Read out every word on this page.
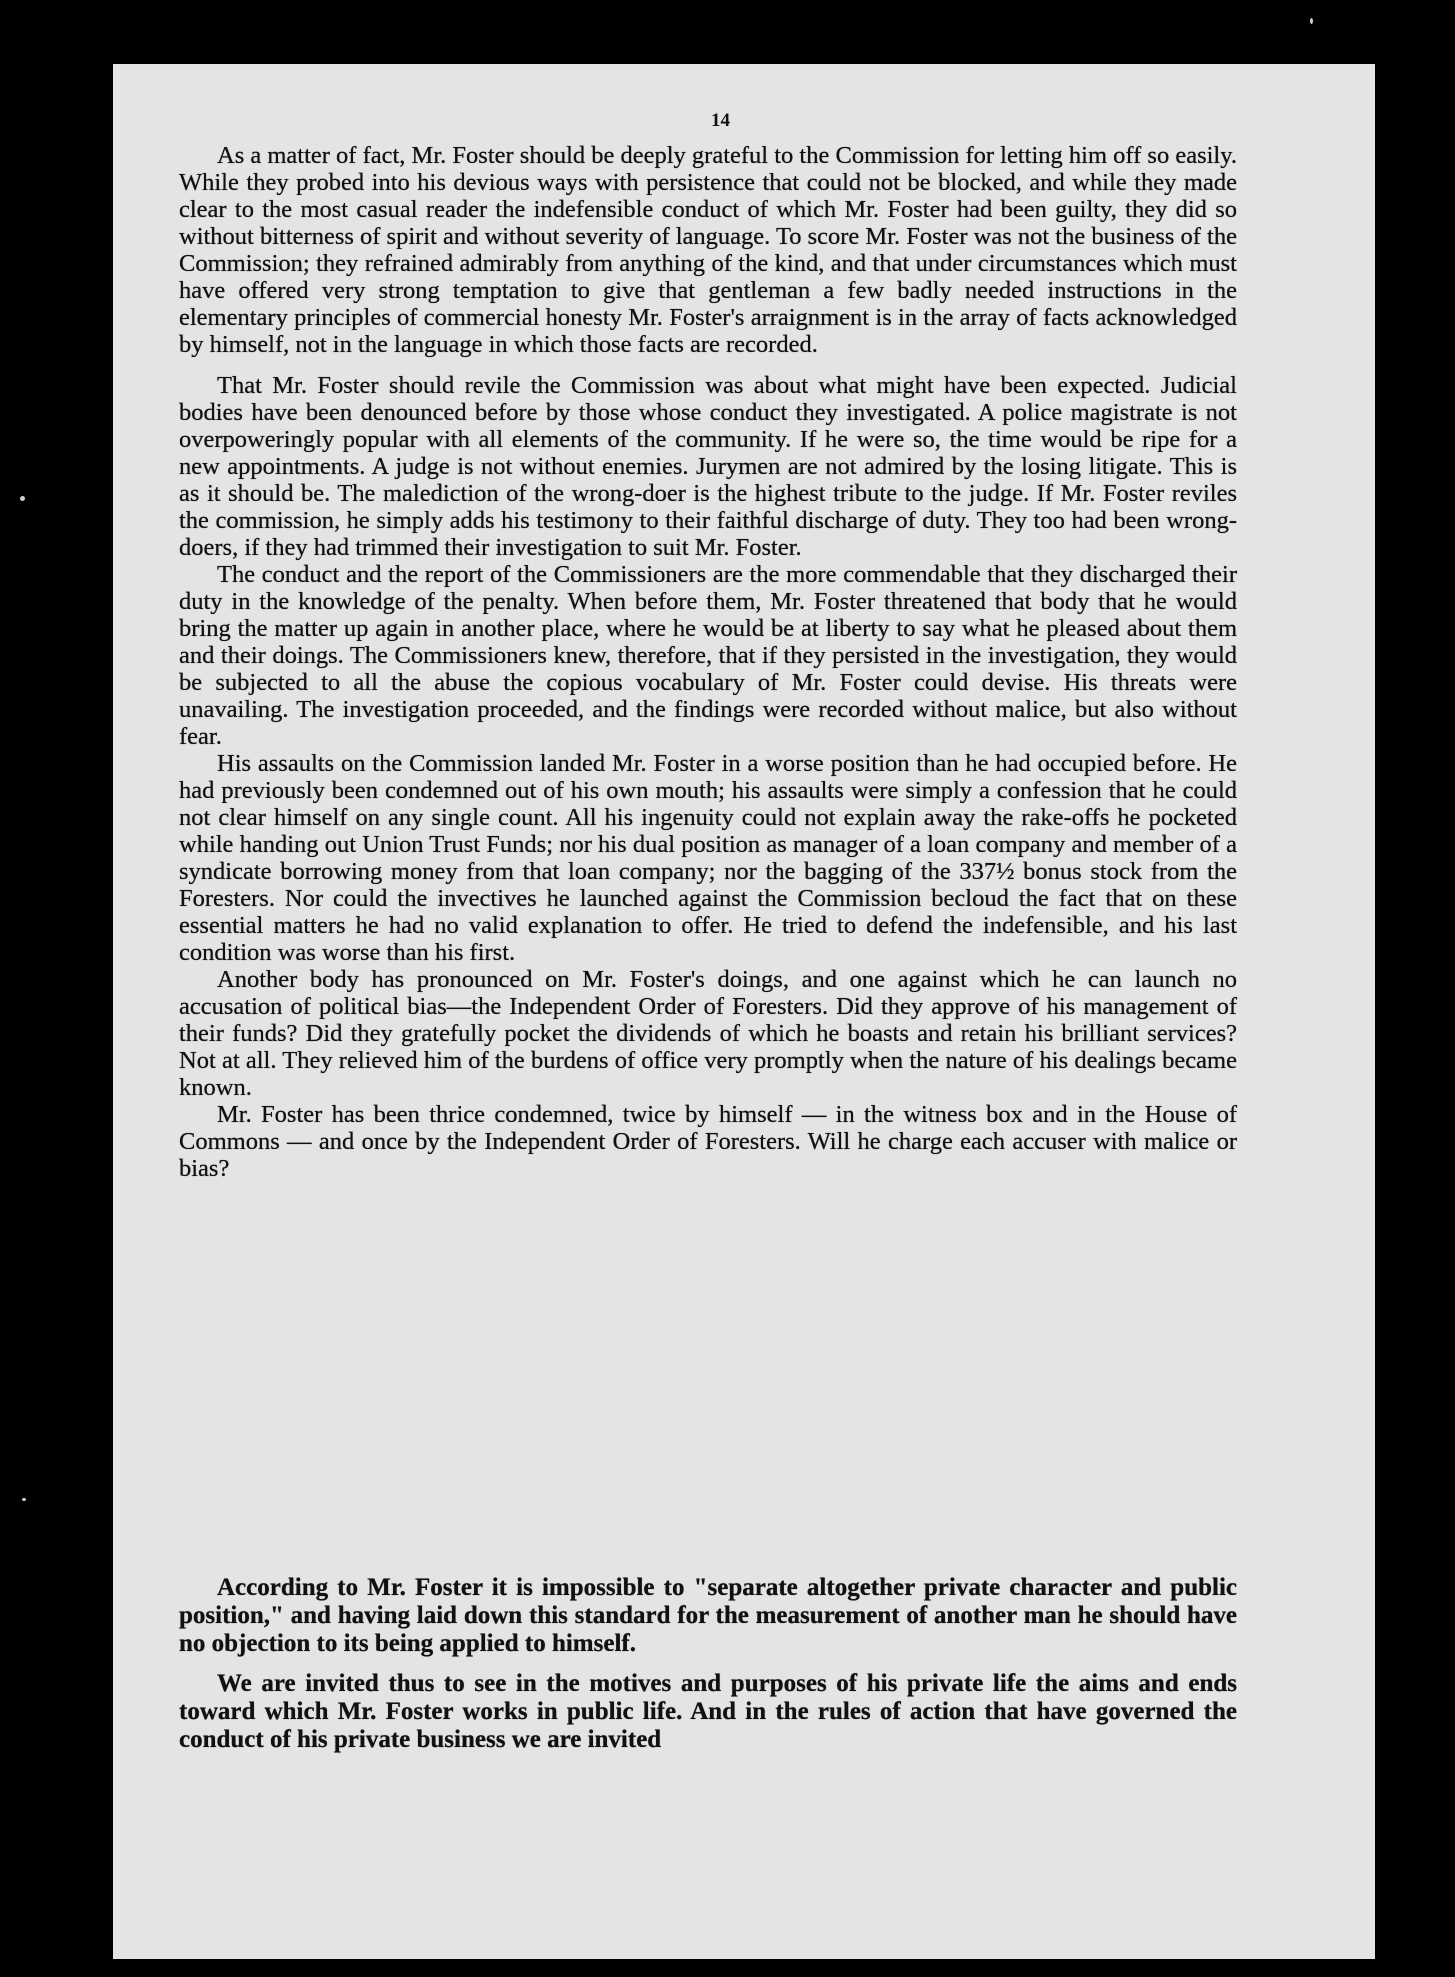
14

As a matter of fact, Mr. Foster should be deeply grateful to the Commission for letting him off so easily. While they probed into his devious ways with persistence that could not be blocked, and while they made clear to the most casual reader the indefensible conduct of which Mr. Foster had been guilty, they did so without bitterness of spirit and without severity of language. To score Mr. Foster was not the business of the Commission; they refrained admirably from anything of the kind, and that under circumstances which must have offered very strong temptation to give that gentleman a few badly needed instructions in the elementary principles of commercial honesty Mr. Foster's arraignment is in the array of facts acknowledged by himself, not in the language in which those facts are recorded.

That Mr. Foster should revile the Commission was about what might have been expected. Judicial bodies have been denounced before by those whose conduct they investigated. A police magistrate is not overpoweringly popular with all elements of the community. If he were so, the time would be ripe for a new appointments. A judge is not without enemies. Jurymen are not admired by the losing litigate. This is as it should be. The malediction of the wrong-doer is the highest tribute to the judge. If Mr. Foster reviles the commission, he simply adds his testimony to their faithful discharge of duty. They too had been wrong-doers, if they had trimmed their investigation to suit Mr. Foster.

The conduct and the report of the Commissioners are the more commendable that they discharged their duty in the knowledge of the penalty. When before them, Mr. Foster threatened that body that he would bring the matter up again in another place, where he would be at liberty to say what he pleased about them and their doings. The Commissioners knew, therefore, that if they persisted in the investigation, they would be subjected to all the abuse the copious vocabulary of Mr. Foster could devise. His threats were unavailing. The investigation proceeded, and the findings were recorded without malice, but also without fear.

His assaults on the Commission landed Mr. Foster in a worse position than he had occupied before. He had previously been condemned out of his own mouth; his assaults were simply a confession that he could not clear himself on any single count. All his ingenuity could not explain away the rake-offs he pocketed while handing out Union Trust Funds; nor his dual position as manager of a loan company and member of a syndicate borrowing money from that loan company; nor the bagging of the 337½ bonus stock from the Foresters. Nor could the invectives he launched against the Commission becloud the fact that on these essential matters he had no valid explanation to offer. He tried to defend the indefensible, and his last condition was worse than his first.

Another body has pronounced on Mr. Foster's doings, and one against which he can launch no accusation of political bias—the Independent Order of Foresters. Did they approve of his management of their funds? Did they gratefully pocket the dividends of which he boasts and retain his brilliant services? Not at all. They relieved him of the burdens of office very promptly when the nature of his dealings became known.

Mr. Foster has been thrice condemned, twice by himself — in the witness box and in the House of Commons — and once by the Independent Order of Foresters. Will he charge each accuser with malice or bias?

According to Mr. Foster it is impossible to "separate altogether private character and public position," and having laid down this standard for the measurement of another man he should have no objection to its being applied to himself.

We are invited thus to see in the motives and purposes of his private life the aims and ends toward which Mr. Foster works in public life. And in the rules of action that have governed the conduct of his private business we are invited
